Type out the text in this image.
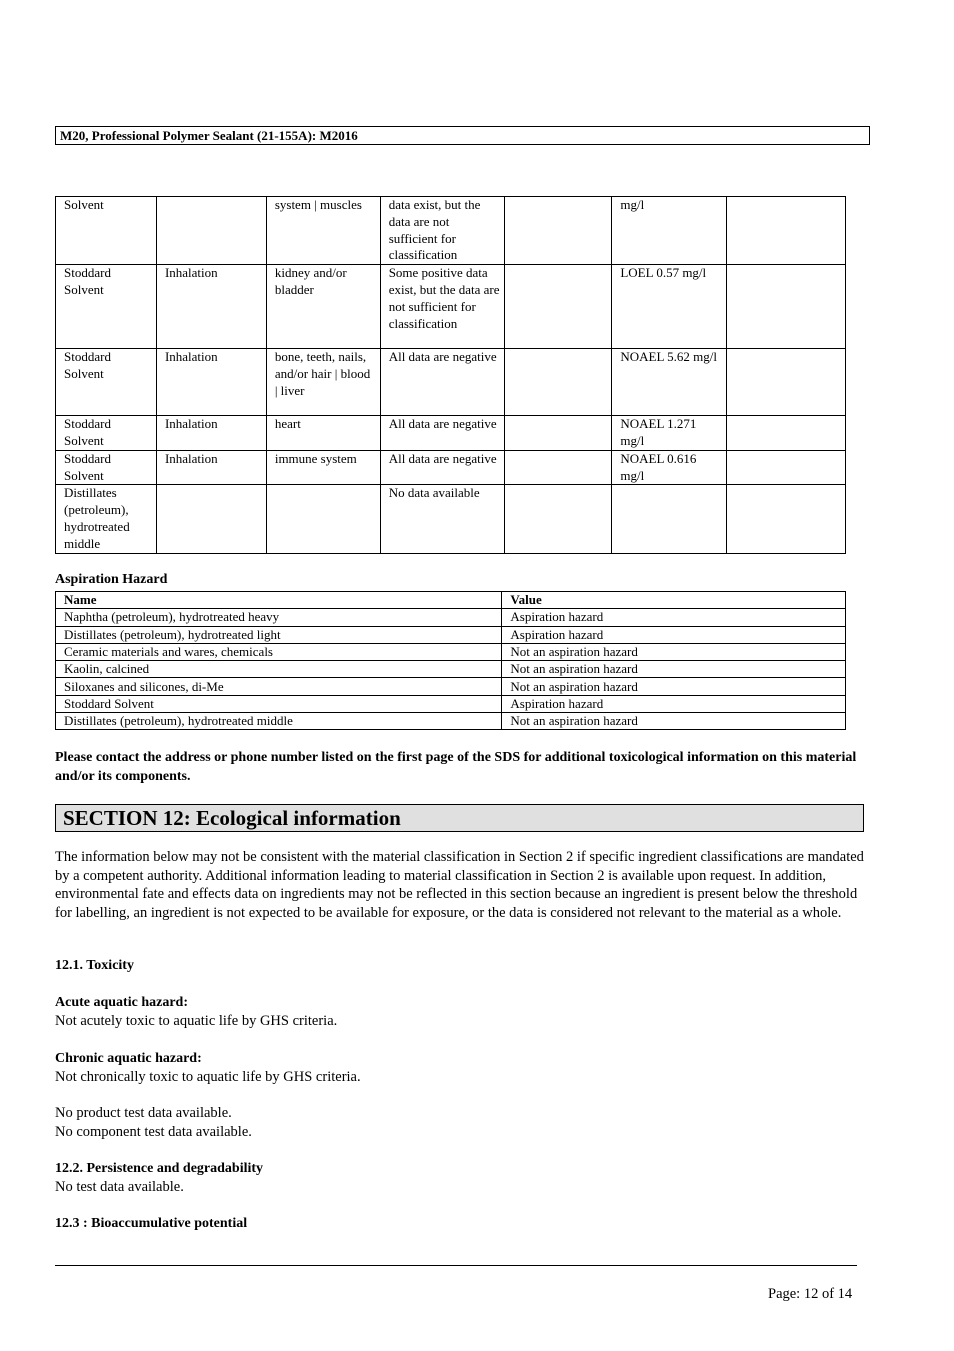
M20, Professional Polymer Sealant (21-155A): M2016
Solvent		system | muscles	data exist, but the data are not sufficient for classification		mg/l	
Stoddard Solvent	Inhalation	kidney and/or bladder	Some positive data exist, but the data are not sufficient for classification		LOEL 0.57 mg/l	
Stoddard Solvent	Inhalation	bone, teeth, nails, and/or hair | blood | liver	All data are negative		NOAEL 5.62 mg/l	
Stoddard Solvent	Inhalation	heart	All data are negative		NOAEL 1.271 mg/l	
Stoddard Solvent	Inhalation	immune system	All data are negative		NOAEL 0.616 mg/l	
Distillates (petroleum), hydrotreated middle			No data available			
Aspiration Hazard
Name	Value
Naphtha (petroleum), hydrotreated heavy	Aspiration hazard
Distillates (petroleum), hydrotreated light	Aspiration hazard
Ceramic materials and wares, chemicals	Not an aspiration hazard
Kaolin, calcined	Not an aspiration hazard
Siloxanes and silicones, di-Me	Not an aspiration hazard
Stoddard Solvent	Aspiration hazard
Distillates (petroleum), hydrotreated middle	Not an aspiration hazard
Please contact the address or phone number listed on the first page of the SDS for additional toxicological information on this material and/or its components.
SECTION 12: Ecological information
The information below may not be consistent with the material classification in Section 2 if specific ingredient classifications are mandated by a competent authority. Additional information leading to material classification in Section 2 is available upon request. In addition, environmental fate and effects data on ingredients may not be reflected in this section because an ingredient is present below the threshold for labelling, an ingredient is not expected to be available for exposure, or the data is considered not relevant to the material as a whole.
12.1. Toxicity
Acute aquatic hazard:
Not acutely toxic to aquatic life by GHS criteria.
Chronic aquatic hazard:
Not chronically toxic to aquatic life by GHS criteria.
No product test data available.
No component test data available.
12.2. Persistence and degradability
No test data available.
12.3 : Bioaccumulative potential
Page: 12 of 14
